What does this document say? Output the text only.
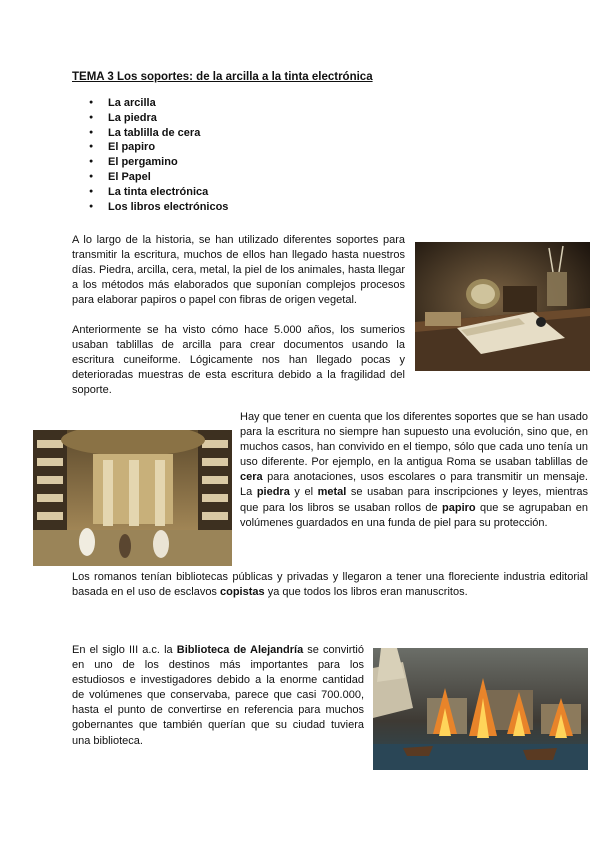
TEMA 3 Los soportes: de la arcilla a la tinta electrónica
● La arcilla
● La piedra
● La tablilla de cera
● El papiro
● El pergamino
● El Papel
● La tinta electrónica
● Los libros electrónicos

A lo largo de la historia, se han utilizado diferentes soportes para transmitir la escritura, muchos de ellos han llegado hasta nuestros días. Piedra, arcilla, cera, metal, la piel de los animales, hasta llegar a los métodos más elaborados que suponían complejos procesos para elaborar papiros o papel con fibras de origen vegetal.

Anteriormente se ha visto cómo hace 5.000 años, los sumerios usaban tablillas de arcilla para crear documentos usando la escritura cuneiforme. Lógicamente nos han llegado pocas y deterioradas muestras de esta escritura debido a la fragilidad del soporte.

Hay que tener en cuenta que los diferentes soportes que se han usado para la escritura no siempre han supuesto una evolución, sino que, en muchos casos, han convivido en el tiempo, sólo que cada uno tenía un uso diferente. Por ejemplo, en la antigua Roma se usaban tablillas de cera para anotaciones, usos escolares o para transmitir un mensaje. La piedra y el metal se usaban para inscripciones y leyes, mientras que para los libros se usaban rollos de papiro que se agrupaban en volúmenes guardados en una funda de piel para su protección.

Los romanos tenían bibliotecas públicas y privadas y llegaron a tener una floreciente industria editorial basada en el uso de esclavos copistas ya que todos los libros eran manuscritos.

En el siglo III a.c. la Biblioteca de Alejandría se convirtió en uno de los destinos más importantes para los estudiosos e investigadores debido a la enorme cantidad de volúmenes que conservaba, parece que casi 700.000, hasta el punto de convertirse en referencia para muchos gobernantes que también querían que su ciudad tuviera una biblioteca.
